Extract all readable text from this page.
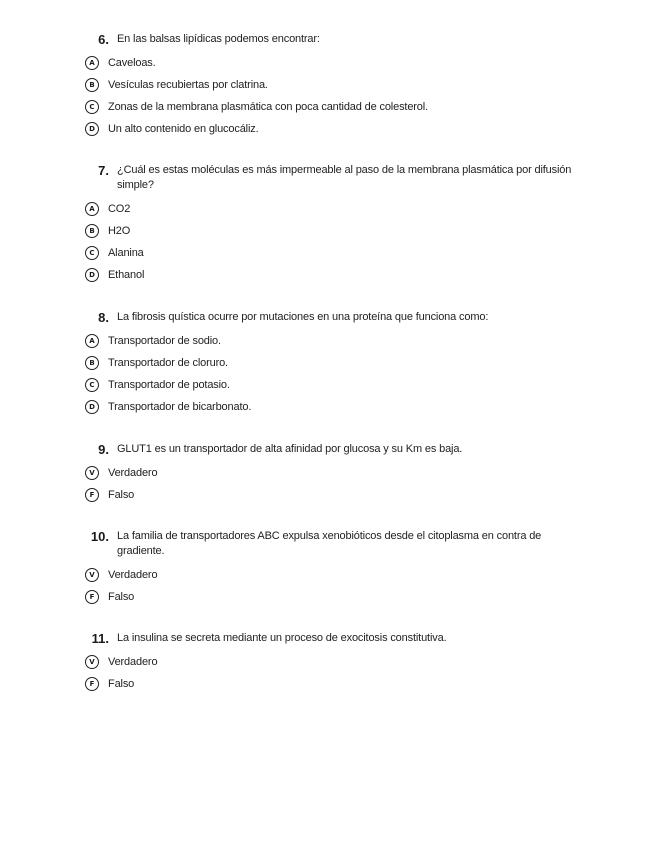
6. En las balsas lipídicas podemos encontrar:
A	Caveloas.
B	Vesículas recubiertas por clatrina.
C	Zonas de la membrana plasmática con poca cantidad de colesterol.
D	Un alto contenido en glucocáliz.
7. ¿Cuál es estas moléculas es más impermeable al paso de la membrana plasmática por difusión simple?
A	CO2
B	H2O
C	Alanina
D	Ethanol
8. La fibrosis quística ocurre por mutaciones en una proteína que funciona como:
A	Transportador de sodio.
B	Transportador de cloruro.
C	Transportador de potasio.
D	Transportador de bicarbonato.
9. GLUT1 es un transportador de alta afinidad por glucosa y su Km es baja.
V	Verdadero
F	Falso
10. La familia de transportadores ABC expulsa xenobióticos desde el citoplasma en contra de gradiente.
V	Verdadero
F	Falso
11. La insulina se secreta mediante un proceso de exocitosis constitutiva.
V	Verdadero
F	Falso
